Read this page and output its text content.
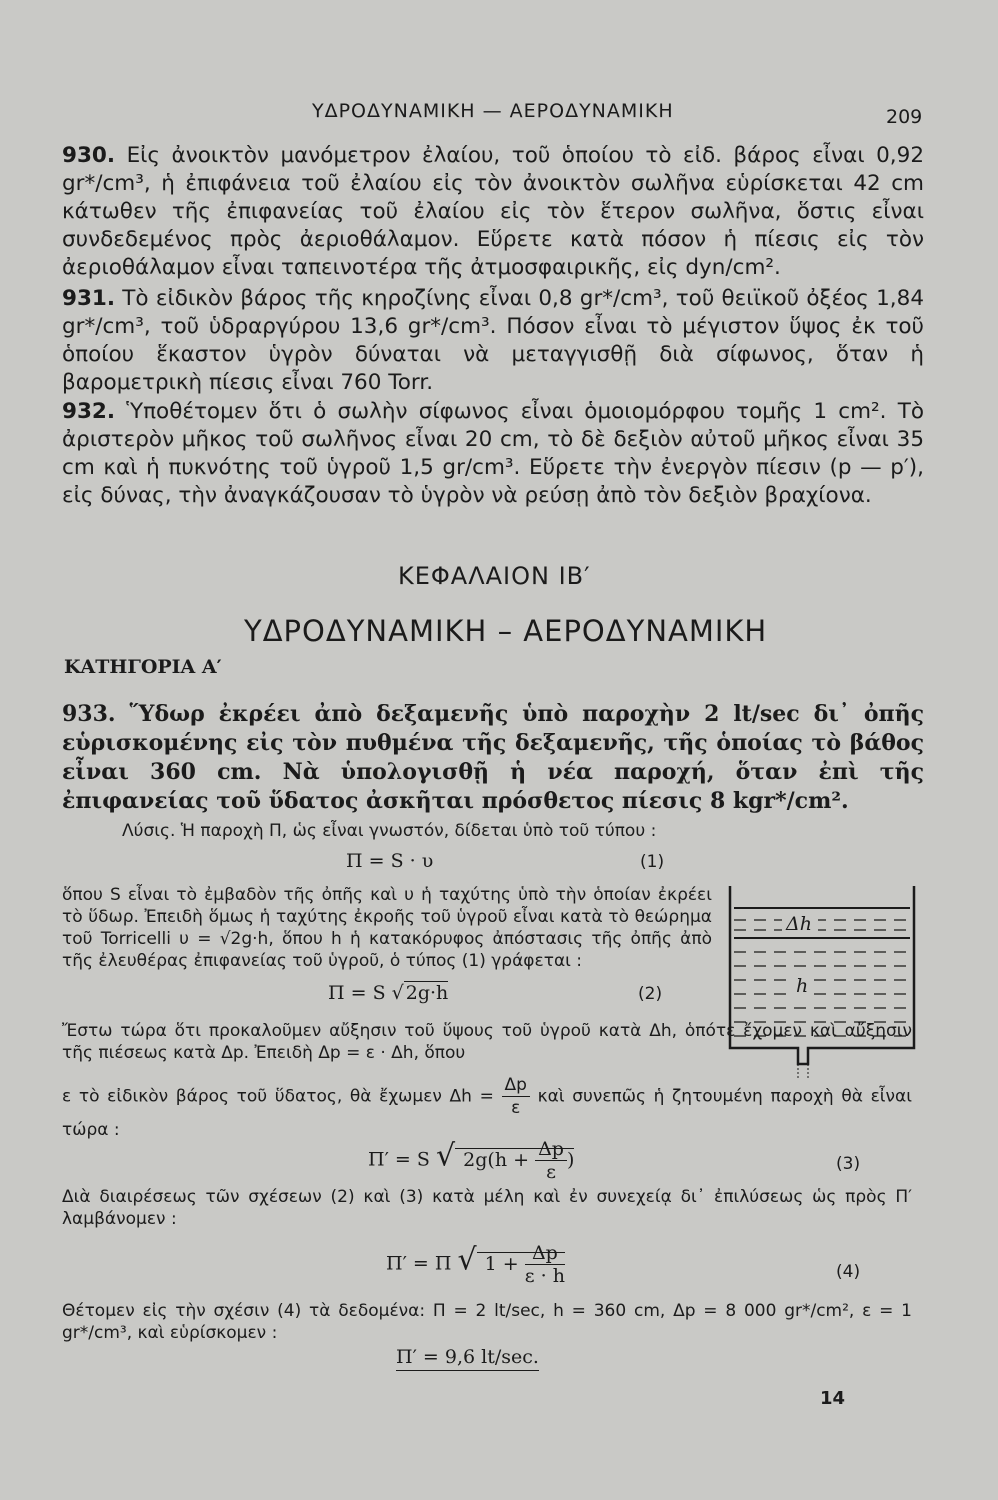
ΥΔΡΟΔΥΝΑΜΙΚΗ — ΑΕΡΟΔΥΝΑΜΙΚΗ	209
930. Εἰς ἀνοικτὸν μανόμετρον ἐλαίου, τοῦ ὁποίου τὸ εἰδ. βάρος εἶναι 0,92 gr*/cm³, ἡ ἐπιφάνεια τοῦ ἐλαίου εἰς τὸν ἀνοικτὸν σωλῆνα εὑρίσκεται 42 cm κάτωθεν τῆς ἐπιφανείας τοῦ ἐλαίου εἰς τὸν ἕτερον σωλῆνα, ὅστις εἶναι συνδεδεμένος πρὸς ἀεριοθάλαμον. Εὕρετε κατὰ πόσον ἡ πίεσις εἰς τὸν ἀεριοθάλαμον εἶναι ταπεινοτέρα τῆς ἀτμοσφαιρικῆς, εἰς dyn/cm².
931. Τὸ εἰδικὸν βάρος τῆς κηροζίνης εἶναι 0,8 gr*/cm³, τοῦ θειϊκοῦ ὀξέος 1,84 gr*/cm³, τοῦ ὑδραργύρου 13,6 gr*/cm³. Πόσον εἶναι τὸ μέγιστον ὕψος ἐκ τοῦ ὁποίου ἕκαστον ὑγρὸν δύναται νὰ μεταγγισθῇ διὰ σίφωνος, ὅταν ἡ βαρομετρικὴ πίεσις εἶναι 760 Torr.
932. Ὑποθέτομεν ὅτι ὁ σωλὴν σίφωνος εἶναι ὁμοιομόρφου τομῆς 1 cm². Τὸ ἀριστερὸν μῆκος τοῦ σωλῆνος εἶναι 20 cm, τὸ δὲ δεξιὸν αὐτοῦ μῆκος εἶναι 35 cm καὶ ἡ πυκνότης τοῦ ὑγροῦ 1,5 gr/cm³. Εὕρετε τὴν ἐνεργὸν πίεσιν (p — p′), εἰς δύνας, τὴν ἀναγκάζουσαν τὸ ὑγρὸν νὰ ρεύσῃ ἀπὸ τὸν δεξιὸν βραχίονα.
ΚΕΦΑΛΑΙΟΝ ΙΒ′
ΥΔΡΟΔΥΝΑΜΙΚΗ – ΑΕΡΟΔΥΝΑΜΙΚΗ
ΚΑΤΗΓΟΡΙΑ Α′
933. Ὕδωρ ἐκρέει ἀπὸ δεξαμενῆς ὑπὸ παροχὴν 2 lt/sec δι᾽ ὀπῆς εὑρισκομένης εἰς τὸν πυθμένα τῆς δεξαμενῆς, τῆς ὁποίας τὸ βάθος εἶναι 360 cm. Νὰ ὑπολογισθῇ ἡ νέα παροχή, ὅταν ἐπὶ τῆς ἐπιφανείας τοῦ ὕδατος ἀσκῆται πρόσθετος πίεσις 8 kgr*/cm².
Λύσις. Ἡ παροχὴ Π, ὡς εἶναι γνωστόν, δίδεται ὑπὸ τοῦ τύπου :
Π = S · υ	(1)
ὅπου S εἶναι τὸ ἐμβαδὸν τῆς ὀπῆς καὶ υ ἡ ταχύτης ὑπὸ τὴν ὁποίαν ἐκρέει τὸ ὕδωρ. Ἐπειδὴ ὅμως ἡ ταχύτης ἐκροῆς τοῦ ὑγροῦ εἶναι κατὰ τὸ θεώρημα τοῦ Torricelli υ = √2g·h, ὅπου h ἡ κατακόρυφος ἀπόστασις τῆς ὀπῆς ἀπὸ τῆς ἐλευθέρας ἐπιφανείας τοῦ ὑγροῦ, ὁ τύπος (1) γράφεται :
Π = S √ 2g·h	(2)
Ἔστω τώρα ὅτι προκαλοῦμεν αὔξησιν τοῦ ὕψους τοῦ ὑγροῦ κατὰ Δh, ὁπότε ἔχομεν καὶ αὔξησιν τῆς πιέσεως κατὰ Δp. Ἐπειδὴ Δp = ε · Δh, ὅπου
ε τὸ εἰδικὸν βάρος τοῦ ὕδατος, θὰ ἔχωμεν $\Delta h = \frac{\Delta p}{\varepsilon}$ καὶ συνεπῶς ἡ ζητουμένη παροχὴ θὰ εἶναι τώρα :
Π′ = S √ $2g(h + \frac{\Delta p}{\varepsilon}$ )	(3)
Διὰ διαιρέσεως τῶν σχέσεων (2) καὶ (3) κατὰ μέλη καὶ ἐν συνεχείᾳ δι᾽ ἐπιλύσεως ὡς πρὸς Π′ λαμβάνομεν :
Π′ = Π √ $1 + \frac{\Delta p}{\varepsilon \cdot h}$	(4)
Θέτομεν εἰς τὴν σχέσιν (4) τὰ δεδομένα: Π = 2 lt/sec, h = 360 cm, Δp = 8 000 gr*/cm², ε = 1 gr*/cm³, καὶ εὑρίσκομεν :
Π′ = 9,6 lt/sec.
14
Δh
h
